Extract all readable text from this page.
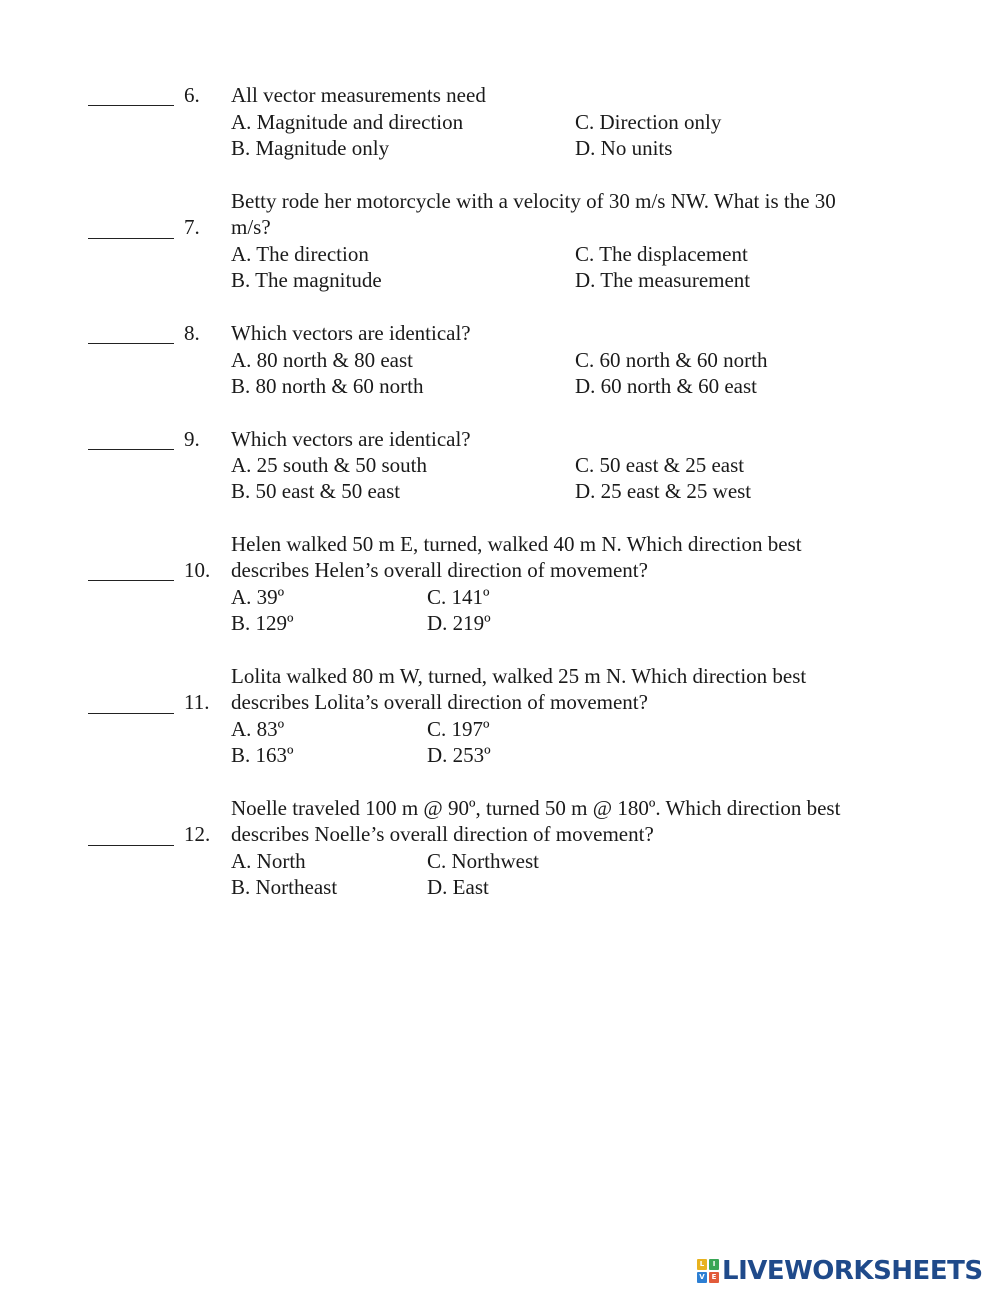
6. All vector measurements need
A. Magnitude and direction
B. Magnitude only
C. Direction only
D. No units
Betty rode her motorcycle with a velocity of 30 m/s NW. What is the 30
7. m/s?
A. The direction
B. The magnitude
C. The displacement
D. The measurement
8. Which vectors are identical?
A. 80 north & 80 east
B. 80 north & 60 north
C. 60 north & 60 north
D. 60 north & 60 east
9. Which vectors are identical?
A. 25 south & 50 south
B. 50 east & 50 east
C. 50 east & 25 east
D. 25 east & 25 west
Helen walked 50 m E, turned, walked 40 m N. Which direction best
10. describes Helen’s overall direction of movement?
A. 39º
B. 129º
C. 141º
D. 219º
Lolita walked 80 m W, turned, walked 25 m N. Which direction best
11. describes Lolita’s overall direction of movement?
A. 83º
B. 163º
C. 197º
D. 253º
Noelle traveled 100 m @ 90º, turned 50 m @ 180º. Which direction best
12. describes Noelle’s overall direction of movement?
A. North
B. Northeast
C. Northwest
D. East
L	I
V E LIVEWORKSHEETS
